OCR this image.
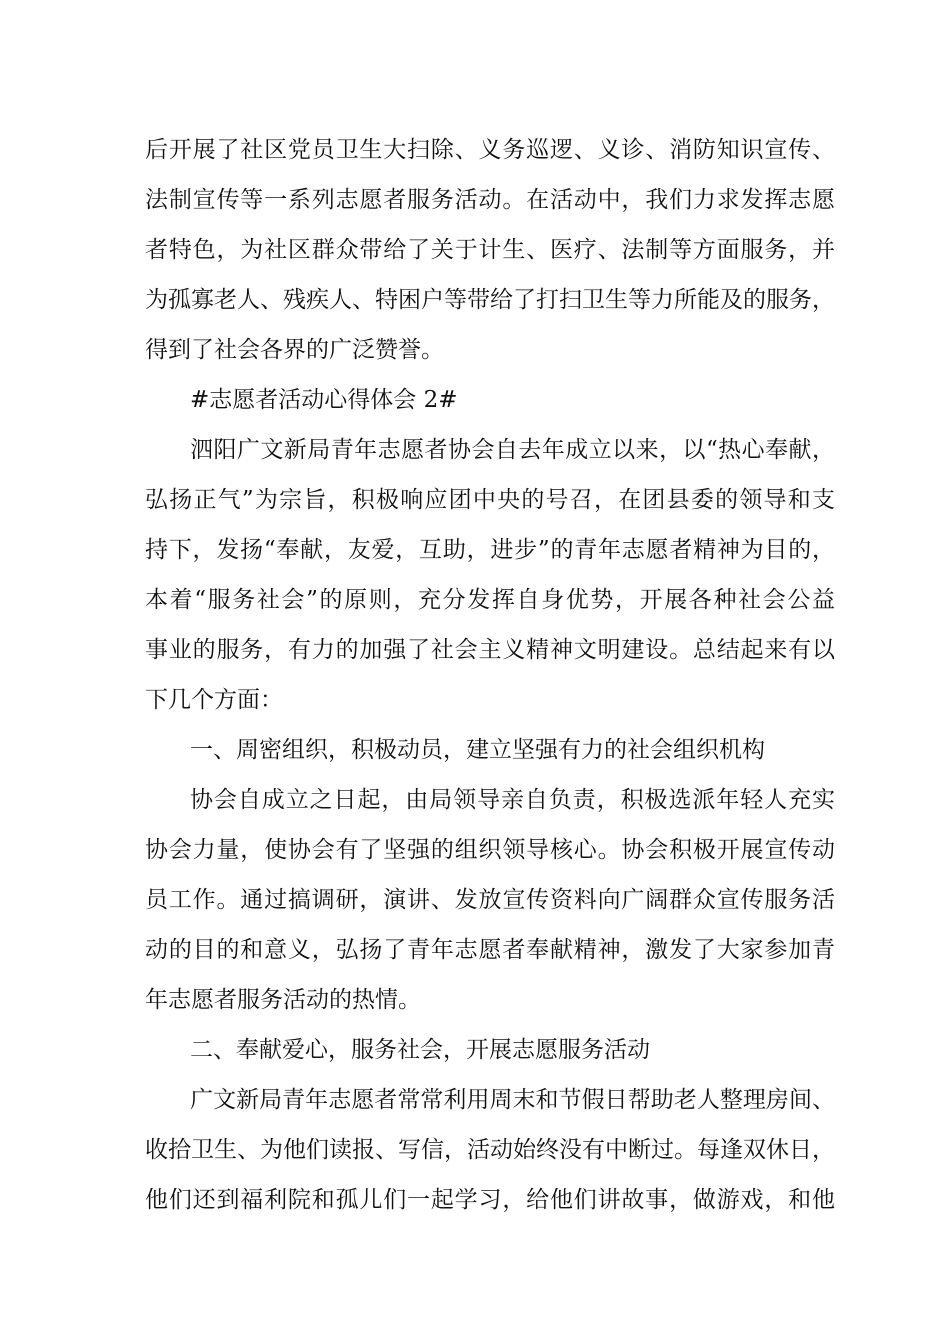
后开展了社区党员卫生大扫除、义务巡逻、义诊、消防知识宣传、

法制宣传等一系列志愿者服务活动。在活动中，我们力求发挥志愿

者特色，为社区群众带给了关于计生、医疗、法制等方面服务，并

为孤寡老人、残疾人、特困户等带给了打扫卫生等力所能及的服务，

得到了社会各界的广泛赞誉。

#志愿者活动心得体会 2#

泗阳广文新局青年志愿者协会自去年成立以来，以“热心奉献，

弘扬正气”为宗旨，积极响应团中央的号召，在团县委的领导和支

持下，发扬“奉献，友爱，互助，进步”的青年志愿者精神为目的，

本着“服务社会”的原则，充分发挥自身优势，开展各种社会公益

事业的服务，有力的加强了社会主义精神文明建设。总结起来有以

下几个方面：

一、周密组织，积极动员，建立坚强有力的社会组织机构

协会自成立之日起，由局领导亲自负责，积极选派年轻人充实

协会力量，使协会有了坚强的组织领导核心。协会积极开展宣传动

员工作。通过搞调研，演讲、发放宣传资料向广阔群众宣传服务活

动的目的和意义，弘扬了青年志愿者奉献精神，激发了大家参加青

年志愿者服务活动的热情。

二、奉献爱心，服务社会，开展志愿服务活动

广文新局青年志愿者常常利用周末和节假日帮助老人整理房间、

收拾卫生、为他们读报、写信，活动始终没有中断过。每逢双休日，

他们还到福利院和孤儿们一起学习，给他们讲故事，做游戏，和他
